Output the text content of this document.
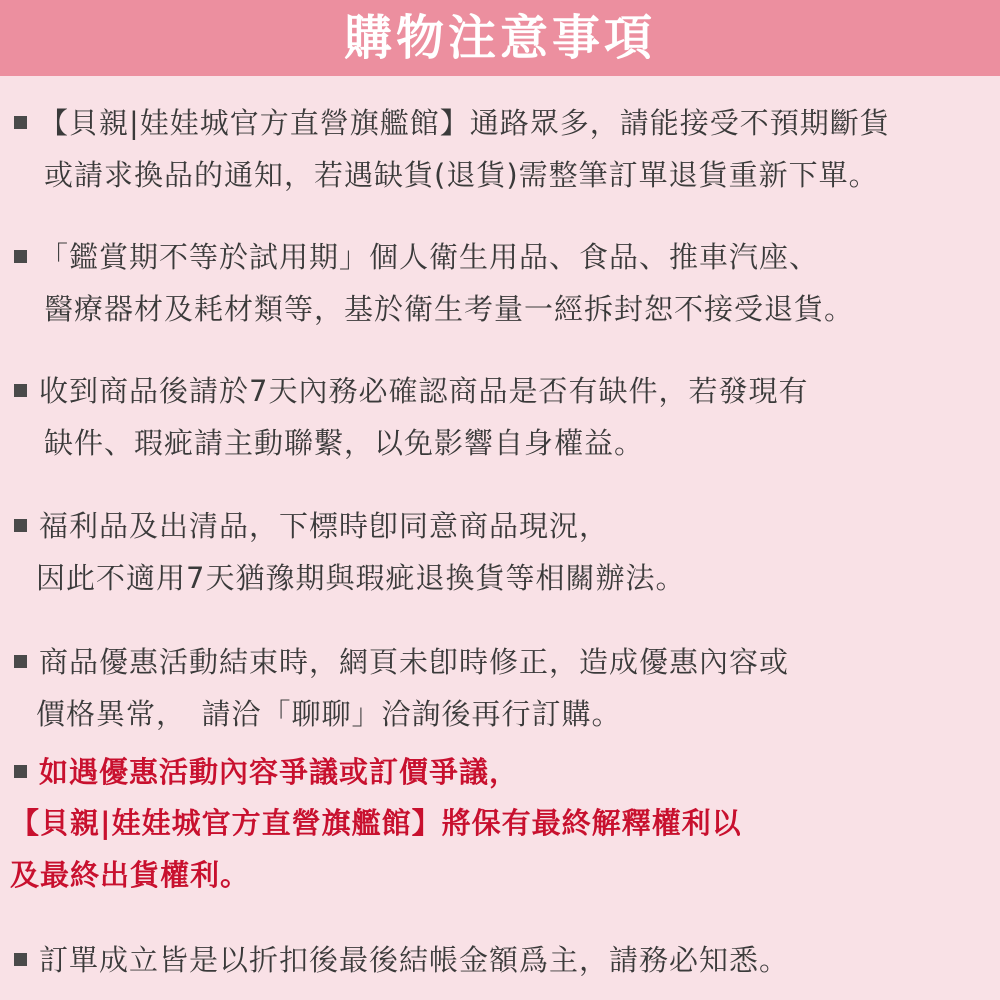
購物注意事項
【貝親|娃娃城官方直營旗艦館】通路眾多，請能接受不預期斷貨
或請求換品的通知，若遇缺貨(退貨)需整筆訂單退貨重新下單。
「鑑賞期不等於試用期」個人衛生用品、食品、推車汽座、
醫療器材及耗材類等，基於衛生考量一經拆封恕不接受退貨。
收到商品後請於7天內務必確認商品是否有缺件，若發現有
缺件、瑕疵請主動聯繫，以免影響自身權益。
福利品及出清品，下標時卽同意商品現況，
因此不適用7天猶豫期與瑕疵退換貨等相關辦法。
商品優惠活動結束時，網頁未卽時修正，造成優惠內容或
價格異常，　請洽「聊聊」洽詢後再行訂購。
如遇優惠活動內容爭議或訂價爭議，
【貝親|娃娃城官方直營旗艦館】將保有最終解釋權利以
及最終出貨權利。
訂單成立皆是以折扣後最後結帳金額爲主，請務必知悉。
